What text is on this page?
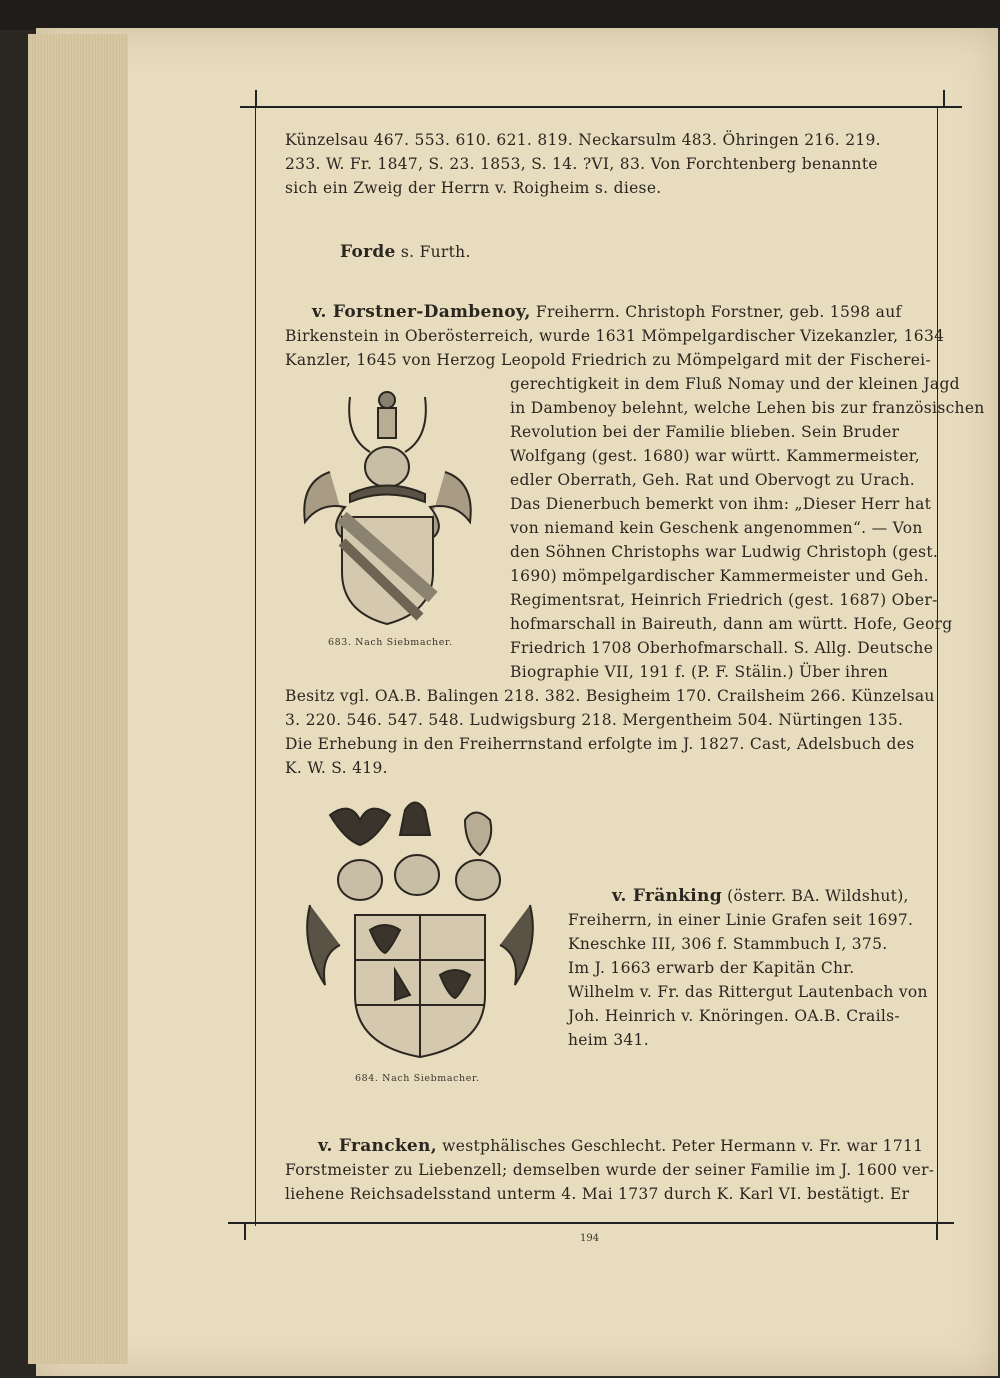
Künzelsau 467. 553. 610. 621. 819. Neckarsulm 483. Öhringen 216. 219.
233. W. Fr. 1847, S. 23. 1853, S. 14. ?VI, 83. Von Forchtenberg benannte
sich ein Zweig der Herrn v. Roigheim s. diese.
Forde s. Furth.
v. Forstner-Dambenoy, Freiherrn. Christoph Forstner, geb. 1598 auf
Birkenstein in Oberösterreich, wurde 1631 Mömpelgardischer Vizekanzler, 1634
Kanzler, 1645 von Herzog Leopold Friedrich zu Mömpelgard mit der Fischerei-
gerechtigkeit in dem Fluß Nomay und der kleinen Jagd
in Dambenoy belehnt, welche Lehen bis zur französischen
Revolution bei der Familie blieben. Sein Bruder
Wolfgang (gest. 1680) war württ. Kammermeister,
edler Oberrath, Geh. Rat und Obervogt zu Urach.
Das Dienerbuch bemerkt von ihm: „Dieser Herr hat
von niemand kein Geschenk angenommen“. — Von
den Söhnen Christophs war Ludwig Christoph (gest.
1690) mömpelgardischer Kammermeister und Geh.
Regimentsrat, Heinrich Friedrich (gest. 1687) Ober-
hofmarschall in Baireuth, dann am württ. Hofe, Georg
Friedrich 1708 Oberhofmarschall. S. Allg. Deutsche
Biographie VII, 191 f. (P. F. Stälin.) Über ihren
Besitz vgl. OA.B. Balingen 218. 382. Besigheim 170. Crailsheim 266. Künzelsau
3. 220. 546. 547. 548. Ludwigsburg 218. Mergentheim 504. Nürtingen 135.
Die Erhebung in den Freiherrnstand erfolgte im J. 1827. Cast, Adelsbuch des
K. W. S. 419.
683. Nach Siebmacher.
684. Nach Siebmacher.
v. Fränking (österr. BA. Wildshut),
Freiherrn, in einer Linie Grafen seit 1697.
Kneschke III, 306 f. Stammbuch I, 375.
Im J. 1663 erwarb der Kapitän Chr.
Wilhelm v. Fr. das Rittergut Lautenbach von
Joh. Heinrich v. Knöringen. OA.B. Crails-
heim 341.
v. Francken, westphälisches Geschlecht. Peter Hermann v. Fr. war 1711
Forstmeister zu Liebenzell; demselben wurde der seiner Familie im J. 1600 ver-
liehene Reichsadelsstand unterm 4. Mai 1737 durch K. Karl VI. bestätigt. Er
194
